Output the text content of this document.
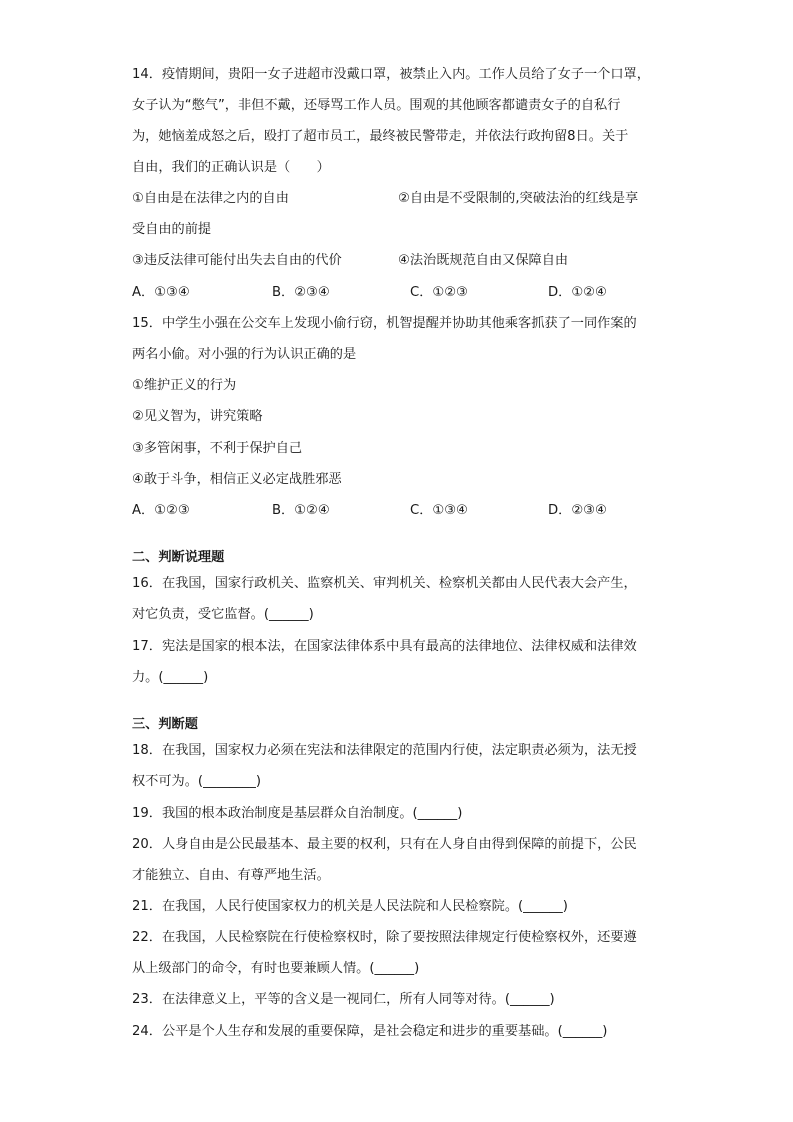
14．疫情期间，贵阳一女子进超市没戴口罩，被禁止入内。工作人员给了女子一个口罩，
女子认为“憋气”，非但不戴，还辱骂工作人员。围观的其他顾客都谴责女子的自私行
为，她恼羞成怒之后，殴打了超市员工，最终被民警带走，并依法行政拘留8日。关于
自由，我们的正确认识是（　　）
①自由是在法律之内的自由	②自由是不受限制的,突破法治的红线是享
受自由的前提
③违反法律可能付出失去自由的代价	④法治既规范自由又保障自由
A．①③④	B．②③④	C．①②③	D．①②④
15．中学生小强在公交车上发现小偷行窃，机智提醒并协助其他乘客抓获了一同作案的
两名小偷。对小强的行为认识正确的是
①维护正义的行为
②见义智为，讲究策略
③多管闲事，不利于保护自己
④敢于斗争，相信正义必定战胜邪恶
A．①②③	B．①②④	C．①③④	D．②③④
二、判断说理题
16．在我国，国家行政机关、监察机关、审判机关、检察机关都由人民代表大会产生，
对它负责，受它监督。(______)
17．宪法是国家的根本法，在国家法律体系中具有最高的法律地位、法律权威和法律效
力。(______)
三、判断题
18．在我国，国家权力必须在宪法和法律限定的范围内行使，法定职责必须为，法无授
权不可为。(________)
19．我国的根本政治制度是基层群众自治制度。(______)
20．人身自由是公民最基本、最主要的权利，只有在人身自由得到保障的前提下，公民
才能独立、自由、有尊严地生活。
21．在我国，人民行使国家权力的机关是人民法院和人民检察院。(______)
22．在我国，人民检察院在行使检察权时，除了要按照法律规定行使检察权外，还要遵
从上级部门的命令，有时也要兼顾人情。(______)
23．在法律意义上，平等的含义是一视同仁，所有人同等对待。(______)
24．公平是个人生存和发展的重要保障，是社会稳定和进步的重要基础。(______)
